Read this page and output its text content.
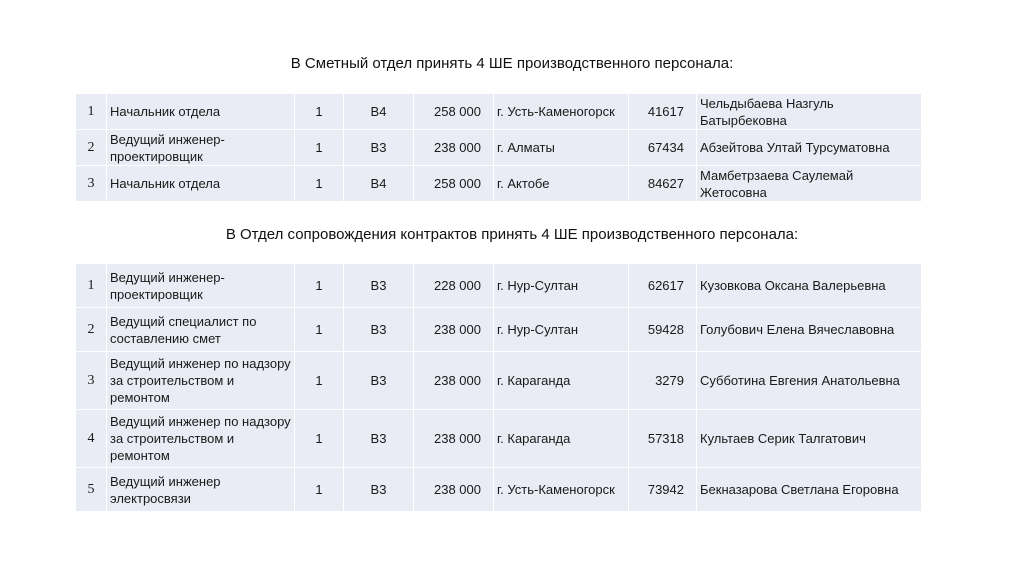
В Сметный отдел принять 4 ШЕ производственного персонала:
1	Начальник отдела	1	В4	258 000	г. Усть-Каменогорск	41617	Чельдыбаева Назгуль Батырбековна
2	Ведущий инженер-проектировщик	1	В3	238 000	г. Алматы	67434	Абзейтова Ултай Турсуматовна
3	Начальник отдела	1	В4	258 000	г. Актобе	84627	Мамбетрзаева Саулемай Жетосовна
В Отдел сопровождения контрактов принять 4 ШЕ производственного персонала:
1	Ведущий инженер-проектировщик	1	В3	228 000	г. Нур-Султан	62617	Кузовкова Оксана Валерьевна
2	Ведущий специалист по составлению смет	1	В3	238 000	г. Нур-Султан	59428	Голубович Елена Вячеславовна
3	Ведущий инженер по надзору за строительством и ремонтом	1	В3	238 000	г. Караганда	3279	Субботина Евгения Анатольевна
4	Ведущий инженер по надзору за строительством и ремонтом	1	В3	238 000	г. Караганда	57318	Культаев Серик Талгатович
5	Ведущий инженер электросвязи	1	В3	238 000	г. Усть-Каменогорск	73942	Бекназарова Светлана Егоровна
